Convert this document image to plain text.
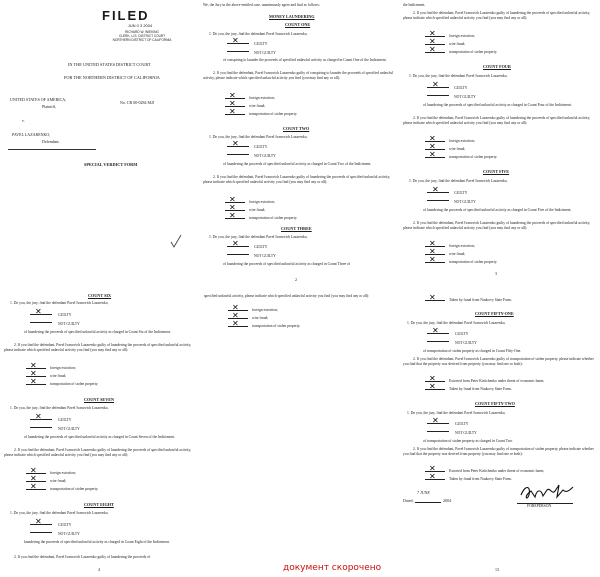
FILED
JUN 0 3 2004
RICHARD W. WIEKING
CLERK, U.S. DISTRICT COURT
NORTHERN DISTRICT OF CALIFORNIA
IN THE UNITED STATES DISTRICT COURT
FOR THE NORTHERN DISTRICT OF CALIFORNIA
UNITED STATES OF AMERICA,
Plaintiff,
No. CR 00-0284 MJJ
v.
PAVEL LAZARENKO,
Defendant.
SPECIAL VERDICT FORM
We, the Jury in the above-entitled case, unanimously agree and find as follows:
MONEY LAUNDERING
COUNT ONE
1. Do you, the jury, find the defendant Pavel Ivanovich Lazarenko,
✕	GUILTY
NOT GUILTY
of conspiring to launder the proceeds of specified unlawful activity as charged in Count One of the Indictment.
2. If you find the defendant, Pavel Ivanovich Lazarenko guilty of conspiring to launder the proceeds of specified unlawful activity, please indicate which specified unlawful activity you find (you may find any or all):
✕	foreign extortion;
✕	wire fraud;
✕	transportation of stolen property.
COUNT TWO
1. Do you, the jury, find the defendant Pavel Ivanovich Lazarenko,
✕	GUILTY
NOT GUILTY
of laundering the proceeds of specified unlawful activity as charged in Count Two of the Indictment.
2. If you find the defendant, Pavel Ivanovich Lazarenko guilty of laundering the proceeds of specified unlawful activity, please indicate which specified unlawful activity you find (you may find any or all):
✕	foreign extortion;
✕	wire fraud;
✕	transportation of stolen property.
COUNT THREE
1. Do you, the jury, find the defendant Pavel Ivanovich Lazarenko,
✕	GUILTY
NOT GUILTY
of laundering the proceeds of specified unlawful activity as charged in Count Three of
2
the Indictment.
2. If you find the defendant, Pavel Ivanovich Lazarenko guilty of laundering the proceeds of specified unlawful activity, please indicate which specified unlawful activity you find (you may find any or all):
✕	foreign extortion;
✕	wire fraud;
✕	transportation of stolen property.
COUNT FOUR
1. Do you, the jury, find the defendant Pavel Ivanovich Lazarenko,
✕	GUILTY
NOT GUILTY
of laundering the proceeds of specified unlawful activity as charged in Count Four of the Indictment.
2. If you find the defendant, Pavel Ivanovich Lazarenko guilty of laundering the proceeds of specified unlawful activity, please indicate which specified unlawful activity you find (you may find any or all):
✕	foreign extortion;
✕	wire fraud;
✕	transportation of stolen property.
COUNT FIVE
1. Do you, the jury, find the defendant Pavel Ivanovich Lazarenko,
✕	GUILTY
NOT GUILTY
of laundering the proceeds of specified unlawful activity as charged in Count Five of the Indictment.
2. If you find the defendant, Pavel Ivanovich Lazarenko guilty of laundering the proceeds of specified unlawful activity, please indicate which specified unlawful activity you find (you may find any or all):
✕	foreign extortion;
✕	wire fraud;
✕	transportation of stolen property.
3
COUNT SIX
1. Do you, the jury, find the defendant Pavel Ivanovich Lazarenko,
✕	GUILTY
NOT GUILTY
of laundering the proceeds of specified unlawful activity as charged in Count Six of the Indictment.
2. If you find the defendant, Pavel Ivanovich Lazarenko guilty of laundering the proceeds of specified unlawful activity, please indicate which specified unlawful activity you find (you may find any or all):
✕	foreign extortion;
✕	wire fraud;
✕	transportation of stolen property.
COUNT SEVEN
1. Do you, the jury, find the defendant Pavel Ivanovich Lazarenko,
✕	GUILTY
NOT GUILTY
of laundering the proceeds of specified unlawful activity as charged in Count Seven of the Indictment.
2. If you find the defendant, Pavel Ivanovich Lazarenko guilty of laundering the proceeds of specified unlawful activity, please indicate which specified unlawful activity you find (you may find any or all):
✕	foreign extortion;
✕	wire fraud;
✕	transportation of stolen property.
COUNT EIGHT
1. Do you, the jury, find the defendant Pavel Ivanovich Lazarenko,
✕	GUILTY
NOT GUILTY
laundering the proceeds of specified unlawful activity as charged in Count Eight of the Indictment.
2. If you find the defendant, Pavel Ivanovich Lazarenko guilty of laundering the proceeds of
4
specified unlawful activity, please indicate which specified unlawful activity you find (you may find any or all):
✕	foreign extortion;
✕	wire fraud;
✕	transportation of stolen property.
документ скорочено
✕	Taken by fraud from Naukovy State Farm.
COUNT FIFTY-ONE
1. Do you, the jury, find the defendant Pavel Ivanovich Lazarenko,
✕	GUILTY
NOT GUILTY
of transportation of stolen property as charged in Count Fifty-One.
2. If you find the defendant, Pavel Ivanovich Lazarenko guilty of transportation of stolen property, please indicate whether you find that the property was derived from property (you may find one or both):
✕	Extorted from Peter Kiritchenko under threat of economic harm;
✕	Taken by fraud from Naukovy State Farm.
COUNT FIFTY-TWO
1. Do you, the jury, find the defendant Pavel Ivanovich Lazarenko,
✕	GUILTY
NOT GUILTY
of transportation of stolen property as charged in Count Two.
2. If you find the defendant, Pavel Ivanovich Lazarenko guilty of transportation of stolen property, please indicate whether you find that the property was derived from property (you may find one or both):
✕	Extorted from Peter Kiritchenko under threat of economic harm;
✕	Taken by fraud from Naukovy State Farm.
Dated:
7 JUNE
2004
FOREPERSON
13
